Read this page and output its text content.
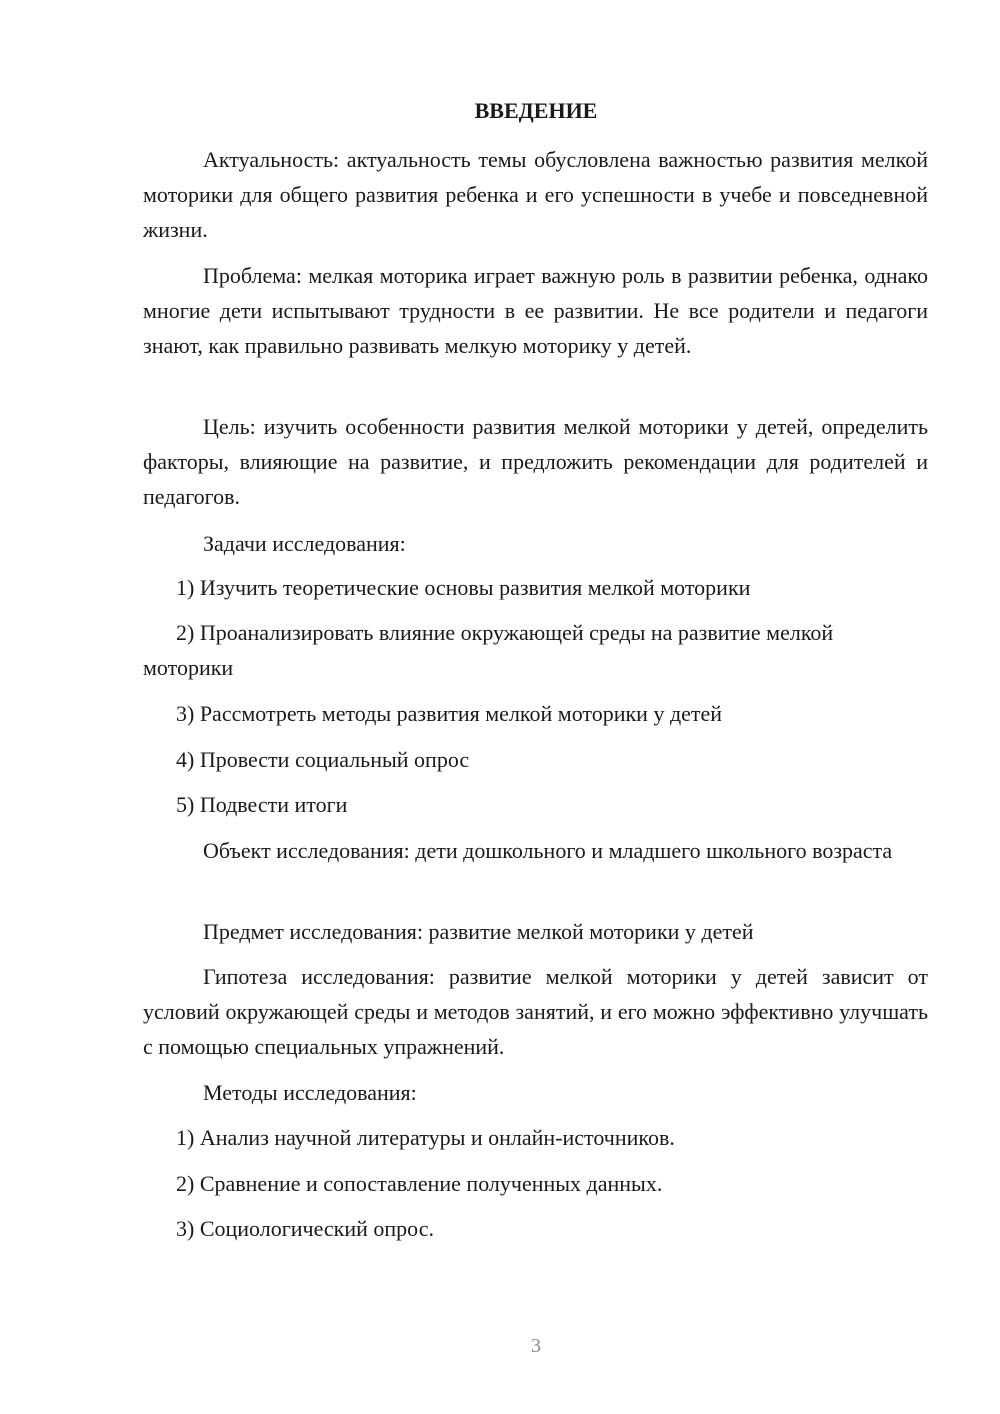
ВВЕДЕНИЕ

Актуальность: актуальность темы обусловлена важностью развития мелкой моторики для общего развития ребенка и его успешности в учебе и повседневной жизни.

Проблема: мелкая моторика играет важную роль в развитии ребенка, однако многие дети испытывают трудности в ее развитии. Не все родители и педагоги знают, как правильно развивать мелкую моторику у детей.

Цель: изучить особенности развития мелкой моторики у детей, определить факторы, влияющие на развитие, и предложить рекомендации для родителей и педагогов.

Задачи исследования:

1) Изучить теоретические основы развития мелкой моторики

2) Проанализировать влияние окружающей среды на развитие мелкой моторики

3) Рассмотреть методы развития мелкой моторики у детей

4) Провести социальный опрос

5) Подвести итоги

Объект исследования: дети дошкольного и младшего школьного возраста

Предмет исследования: развитие мелкой моторики у детей

Гипотеза исследования: развитие мелкой моторики у детей зависит от условий окружающей среды и методов занятий, и его можно эффективно улучшать с помощью специальных упражнений.

Методы исследования:

1) Анализ научной литературы и онлайн-источников.

2) Сравнение и сопоставление полученных данных.

3) Социологический опрос.

3
